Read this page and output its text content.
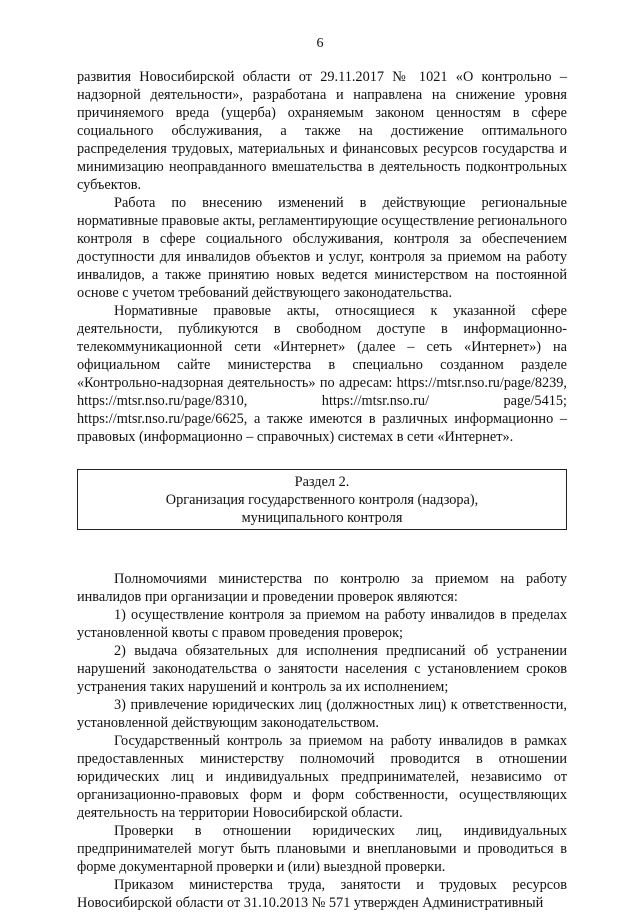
6

развития Новосибирской области от 29.11.2017 № 1021 «О контрольно – надзорной деятельности», разработана и направлена на снижение уровня причиняемого вреда (ущерба) охраняемым законом ценностям в сфере социального обслуживания, а также на достижение оптимального распределения трудовых, материальных и финансовых ресурсов государства и минимизацию неоправданного вмешательства в деятельность подконтрольных субъектов.

Работа по внесению изменений в действующие региональные нормативные правовые акты, регламентирующие осуществление регионального контроля в сфере социального обслуживания, контроля за обеспечением доступности для инвалидов объектов и услуг, контроля за приемом на работу инвалидов, а также принятию новых ведется министерством на постоянной основе с учетом требований действующего законодательства.

Нормативные правовые акты, относящиеся к указанной сфере деятельности, публикуются в свободном доступе в информационно-телекоммуникационной сети «Интернет» (далее – сеть «Интернет») на официальном сайте министерства в специально созданном разделе «Контрольно-надзорная деятельность» по адресам: https://mtsr.nso.ru/page/8239, https://mtsr.nso.ru/page/8310, https://mtsr.nso.ru/ page/5415; https://mtsr.nso.ru/page/6625, а также имеются в различных информационно – правовых (информационно – справочных) системах в сети «Интернет».

Раздел 2.
Организация государственного контроля (надзора),
муниципального контроля

Полномочиями министерства по контролю за приемом на работу инвалидов при организации и проведении проверок являются:

1) осуществление контроля за приемом на работу инвалидов в пределах установленной квоты с правом проведения проверок;

2) выдача обязательных для исполнения предписаний об устранении нарушений законодательства о занятости населения с установлением сроков устранения таких нарушений и контроль за их исполнением;

3) привлечение юридических лиц (должностных лиц) к ответственности, установленной действующим законодательством.

Государственный контроль за приемом на работу инвалидов в рамках предоставленных министерству полномочий проводится в отношении юридических лиц и индивидуальных предпринимателей, независимо от организационно-правовых форм и форм собственности, осуществляющих деятельность на территории Новосибирской области.

Проверки в отношении юридических лиц, индивидуальных предпринимателей могут быть плановыми и внеплановыми и проводиться в форме документарной проверки и (или) выездной проверки.

Приказом министерства труда, занятости и трудовых ресурсов Новосибирской области от 31.10.2013 № 571 утвержден Административный
